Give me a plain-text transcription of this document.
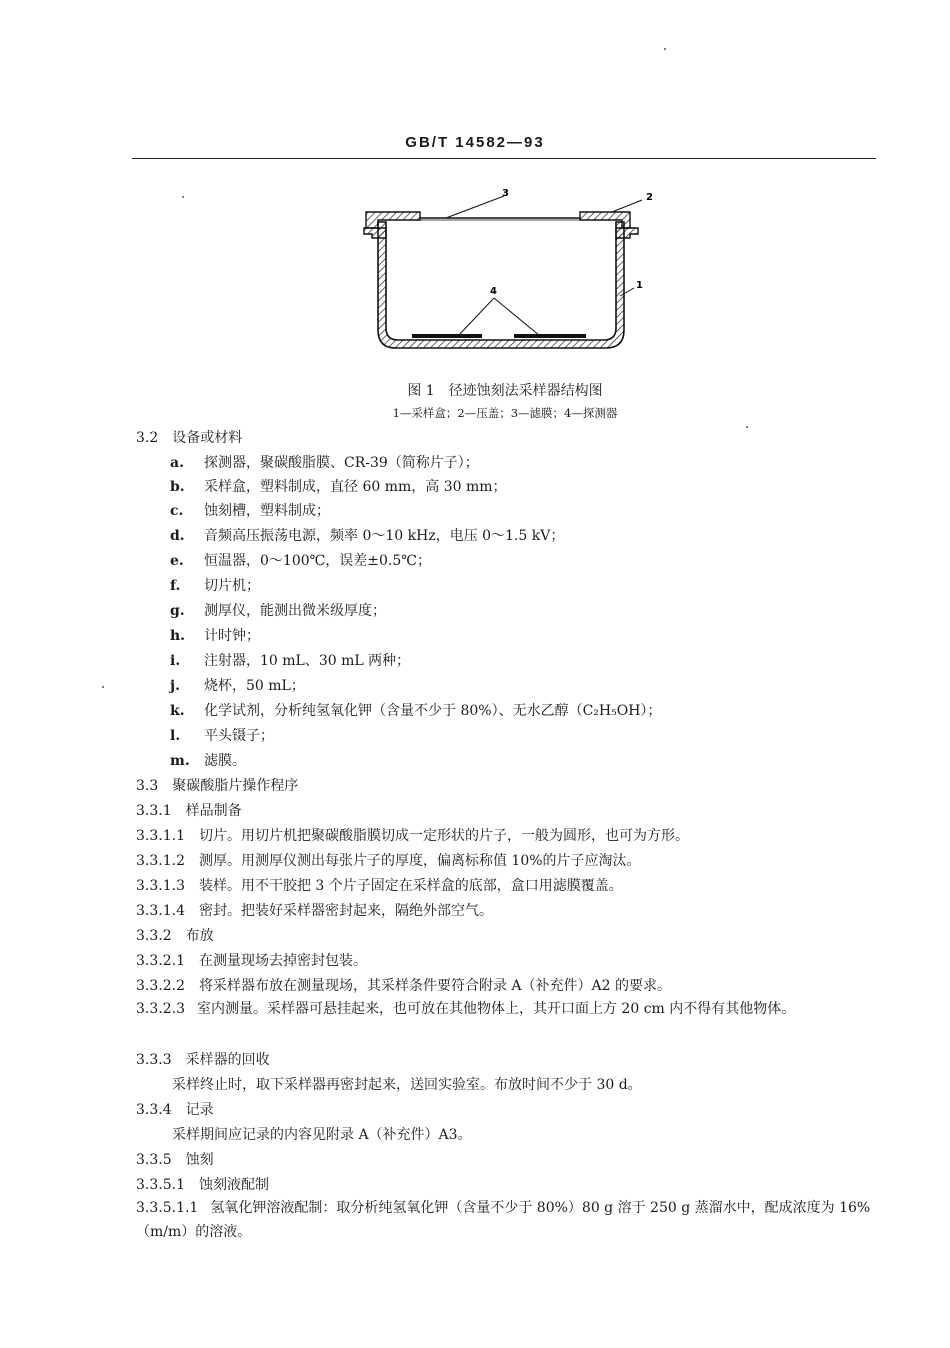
GB/T 14582—93
3	2
1
4
图 1　径迹蚀刻法采样器结构图
1—采样盒；2—压盖；3—滤膜；4—探测器
3.2 设备或材料
a. 探测器，聚碳酸脂膜、CR-39（简称片子）；
b. 采样盒，塑料制成，直径 60 mm，高 30 mm；
c. 蚀刻槽，塑料制成；
d. 音频高压振荡电源，频率 0～10 kHz，电压 0～1.5 kV；
e. 恒温器，0～100℃，误差±0.5℃；
f. 切片机；
g. 测厚仪，能测出微米级厚度；
h. 计时钟；
i. 注射器，10 mL、30 mL 两种；
j. 烧杯，50 mL；
k. 化学试剂，分析纯氢氧化钾（含量不少于 80%）、无水乙醇（C₂H₅OH）；
l. 平头镊子；
m. 滤膜。
3.3 聚碳酸脂片操作程序
3.3.1 样品制备
3.3.1.1 切片。用切片机把聚碳酸脂膜切成一定形状的片子，一般为圆形，也可为方形。
3.3.1.2 测厚。用测厚仪测出每张片子的厚度，偏离标称值 10%的片子应淘汰。
3.3.1.3 装样。用不干胶把 3 个片子固定在采样盒的底部，盒口用滤膜覆盖。
3.3.1.4 密封。把装好采样器密封起来，隔绝外部空气。
3.3.2 布放
3.3.2.1 在测量现场去掉密封包装。
3.3.2.2 将采样器布放在测量现场，其采样条件要符合附录 A（补充件）A2 的要求。
3.3.2.3 室内测量。采样器可悬挂起来，也可放在其他物体上，其开口面上方 20 cm 内不得有其他物体。
3.3.3 采样器的回收
采样终止时，取下采样器再密封起来，送回实验室。布放时间不少于 30 d。
3.3.4 记录
采样期间应记录的内容见附录 A（补充件）A3。
3.3.5 蚀刻
3.3.5.1 蚀刻液配制
3.3.5.1.1 氢氧化钾溶液配制：取分析纯氢氧化钾（含量不少于 80%）80 g 溶于 250 g 蒸溜水中，配成浓度为 16%（m/m）的溶液。
